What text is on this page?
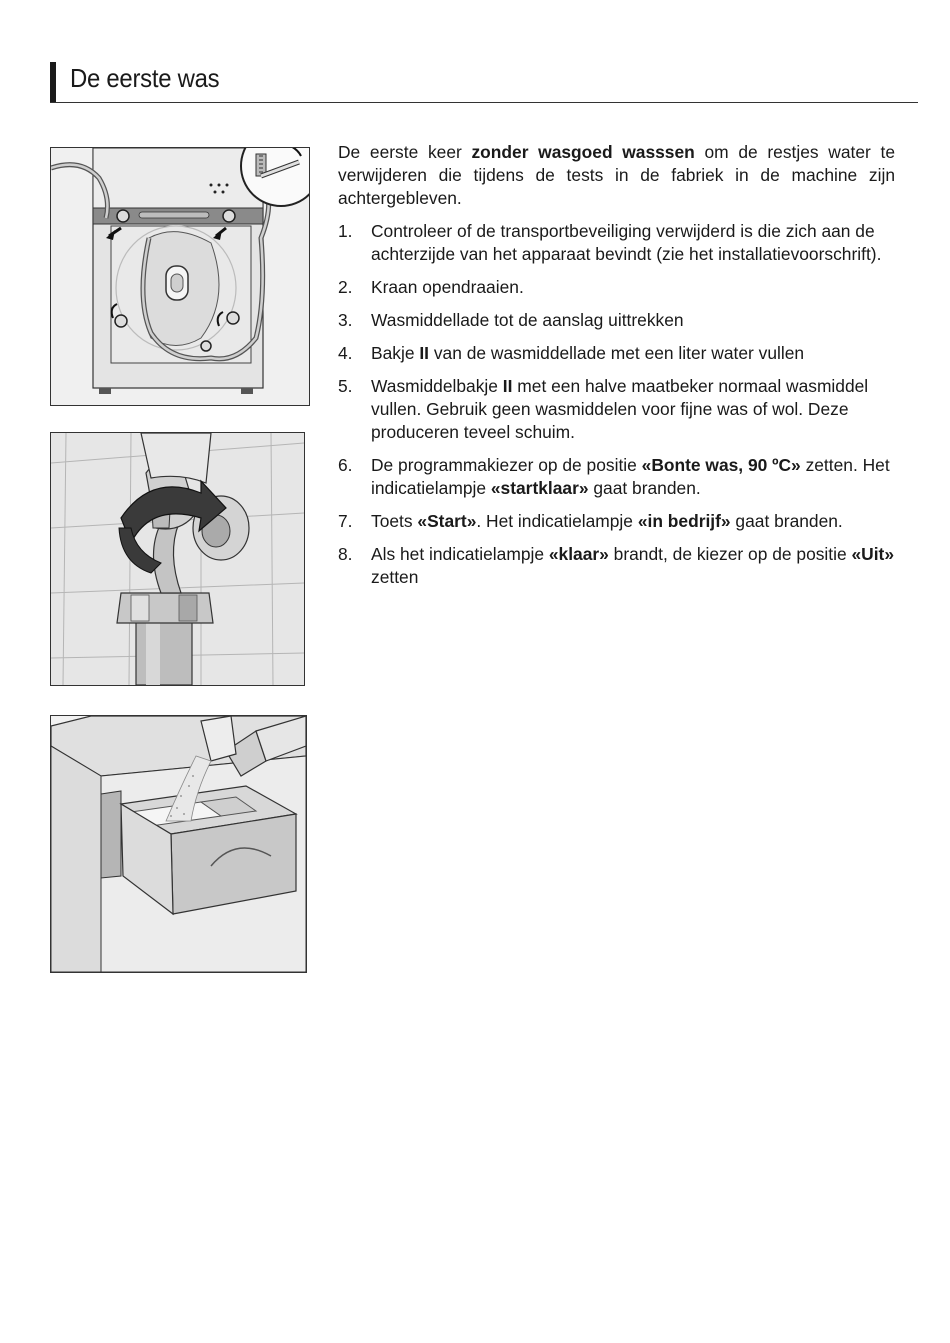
De eerste was

De eerste keer zonder wasgoed wasssen om de restjes water te verwijderen die tijdens de tests in de fabriek in de machine zijn achtergebleven.

1. Controleer of de transportbeveiliging verwijderd is die zich aan de achterzijde van het apparaat bevindt (zie het installatievoorschrift).
2. Kraan opendraaien.
3. Wasmiddellade tot de aanslag uittrekken
4. Bakje II van de wasmiddellade met een liter water vullen
5. Wasmiddelbakje II met een halve maatbeker normaal wasmiddel vullen. Gebruik geen wasmiddelen voor fijne was of wol. Deze produceren teveel schuim.
6. De programmakiezer op de positie «Bonte was, 90 ºC» zetten. Het indicatielampje «startklaar» gaat branden.
7. Toets «Start». Het indicatielampje «in bedrijf» gaat branden.
8. Als het indicatielampje «klaar» brandt, de kiezer op de positie «Uit» zetten
